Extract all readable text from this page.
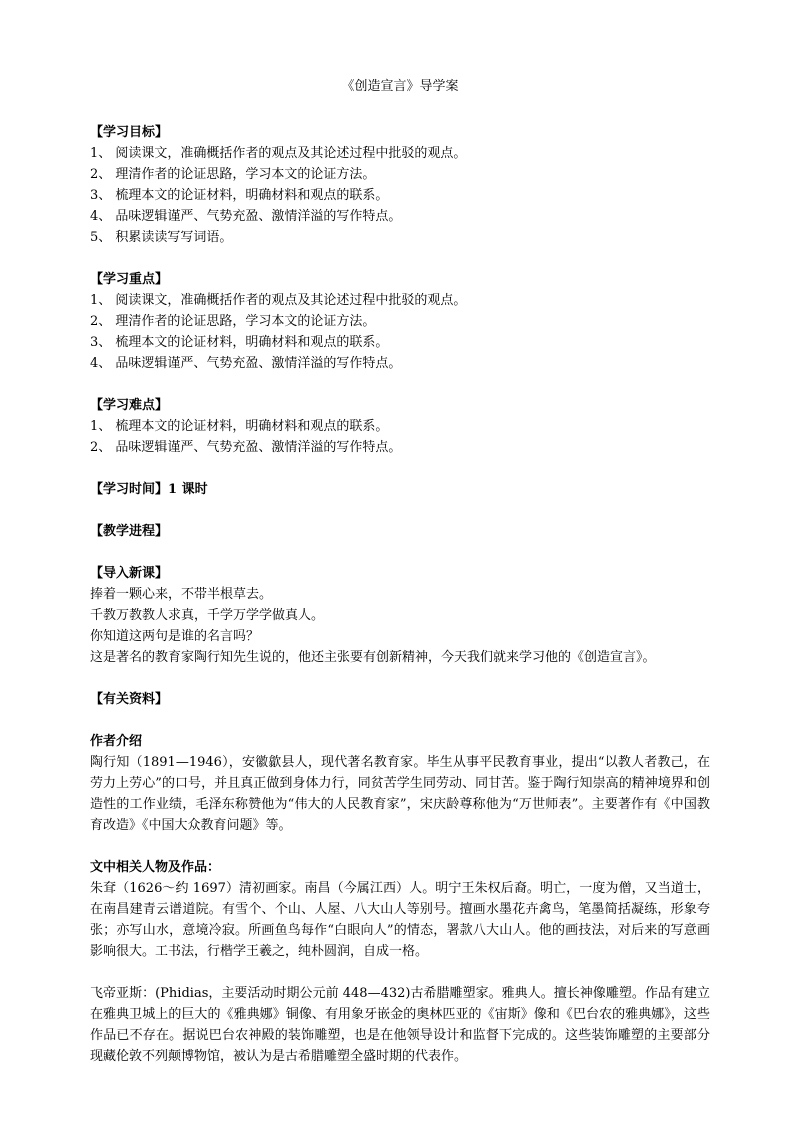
《创造宣言》导学案
【学习目标】
1、 阅读课文，准确概括作者的观点及其论述过程中批驳的观点。
2、 理清作者的论证思路，学习本文的论证方法。
3、 梳理本文的论证材料，明确材料和观点的联系。
4、 品味逻辑谨严、气势充盈、激情洋溢的写作特点。
5、 积累读读写写词语。
【学习重点】
1、 阅读课文，准确概括作者的观点及其论述过程中批驳的观点。
2、 理清作者的论证思路，学习本文的论证方法。
3、 梳理本文的论证材料，明确材料和观点的联系。
4、 品味逻辑谨严、气势充盈、激情洋溢的写作特点。
【学习难点】
1、 梳理本文的论证材料，明确材料和观点的联系。
2、 品味逻辑谨严、气势充盈、激情洋溢的写作特点。
【学习时间】1 课时
【教学进程】
【导入新课】
捧着一颗心来，不带半根草去。
千教万教教人求真，千学万学学做真人。
你知道这两句是谁的名言吗？
这是著名的教育家陶行知先生说的，他还主张要有创新精神，今天我们就来学习他的《创造宣言》。
【有关资料】
作者介绍
陶行知（1891—1946），安徽歙县人，现代著名教育家。毕生从事平民教育事业，提出“以教人者教己，在劳力上劳心”的口号，并且真正做到身体力行，同贫苦学生同劳动、同甘苦。鉴于陶行知崇高的精神境界和创造性的工作业绩，毛泽东称赞他为“伟大的人民教育家”，宋庆龄尊称他为“万世师表”。主要著作有《中国教育改造》《中国大众教育问题》等。
文中相关人物及作品：
朱耷（1626～约 1697）清初画家。南昌（今属江西）人。明宁王朱权后裔。明亡，一度为僧，又当道士，在南昌建青云谱道院。有雪个、个山、人屋、八大山人等别号。擅画水墨花卉禽鸟，笔墨简括凝练，形象夸张；亦写山水，意境冷寂。所画鱼鸟每作“白眼向人”的情态，署款八大山人。他的画技法，对后来的写意画影响很大。工书法，行楷学王羲之，纯朴圆润，自成一格。
飞帝亚斯：(Phidias，主要活动时期公元前 448—432)古希腊雕塑家。雅典人。擅长神像雕塑。作品有建立在雅典卫城上的巨大的《雅典娜》铜像、有用象牙嵌金的奥林匹亚的《宙斯》像和《巴台农的雅典娜》，这些作品已不存在。据说巴台农神殿的装饰雕塑，也是在他领导设计和监督下完成的。这些装饰雕塑的主要部分现藏伦敦不列颠博物馆，被认为是古希腊雕塑全盛时期的代表作。
